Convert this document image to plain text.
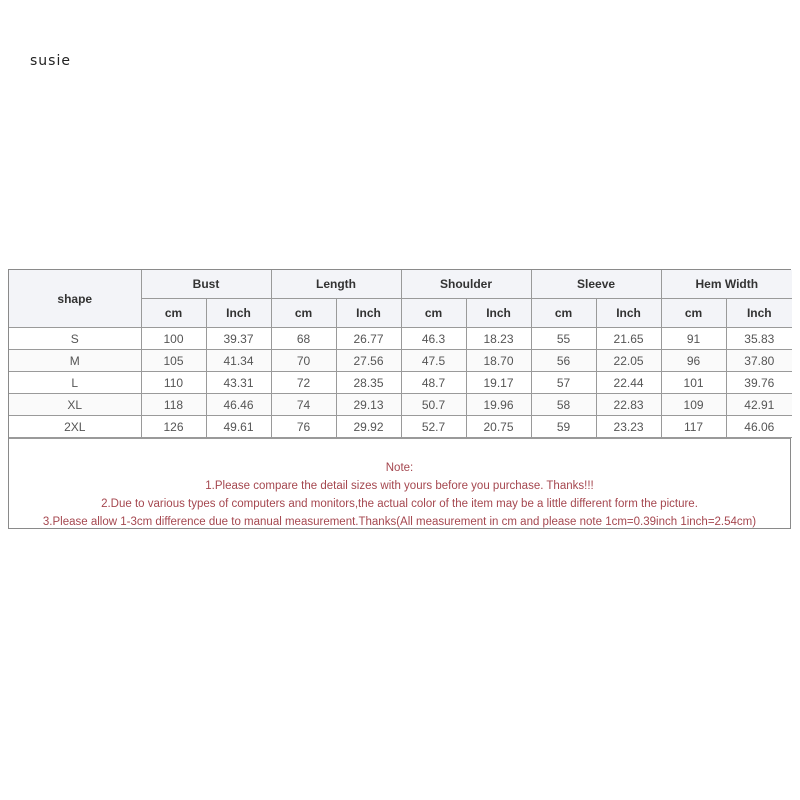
susie
shape	Bust		Length		Shoulder		Sleeve		Hem Width	
	cm	Inch	cm	Inch	cm	Inch	cm	Inch	cm	Inch
S	100	39.37	68	26.77	46.3	18.23	55	21.65	91	35.83
M	105	41.34	70	27.56	47.5	18.70	56	22.05	96	37.80
L	110	43.31	72	28.35	48.7	19.17	57	22.44	101	39.76
XL	118	46.46	74	29.13	50.7	19.96	58	22.83	109	42.91
2XL	126	49.61	76	29.92	52.7	20.75	59	23.23	117	46.06
Note:
1.Please compare the detail sizes with yours before you purchase. Thanks!!!
2.Due to various types of computers and monitors,the actual color of the item may be a little different form the picture.
3.Please allow 1-3cm difference due to manual measurement.Thanks(All measurement in cm and please note 1cm=0.39inch 1inch=2.54cm)
